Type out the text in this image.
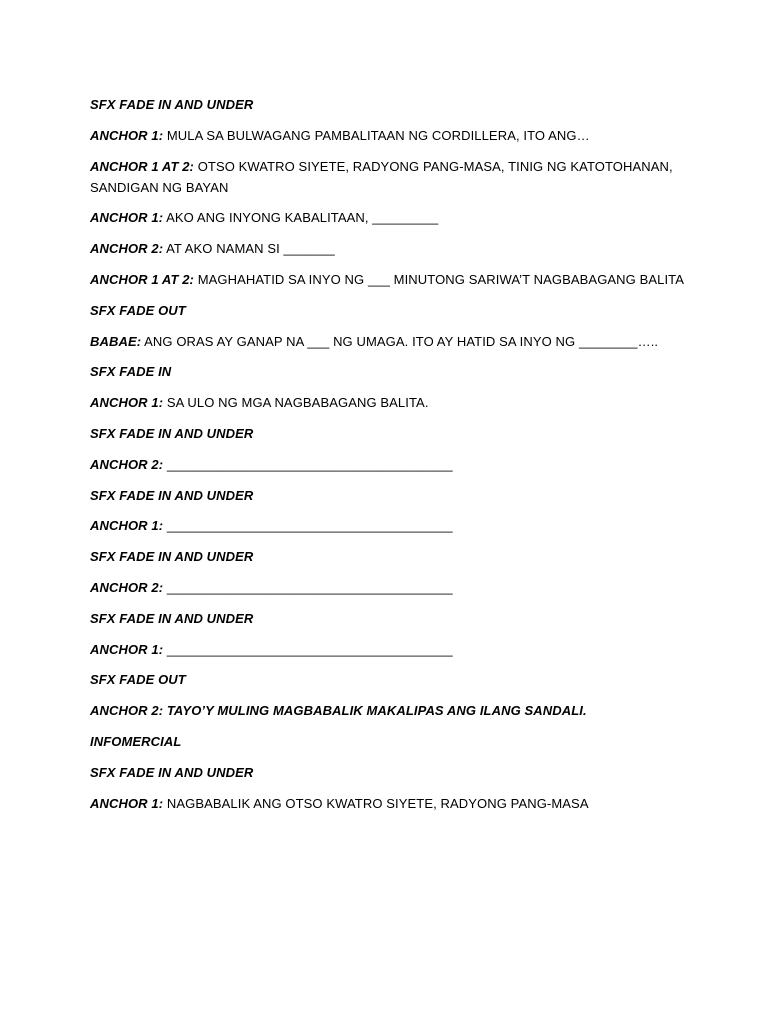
SFX FADE IN AND UNDER

ANCHOR 1: MULA SA BULWAGANG PAMBALITAAN NG CORDILLERA, ITO ANG…

ANCHOR 1 AT 2: OTSO KWATRO SIYETE, RADYONG PANG-MASA, TINIG NG KATOTOHANAN, SANDIGAN NG BAYAN

ANCHOR 1: AKO ANG INYONG KABALITAAN, _________

ANCHOR 2: AT AKO NAMAN SI _______

ANCHOR 1 AT 2: MAGHAHATID SA INYO NG ___ MINUTONG SARIWA’T NAGBABAGANG BALITA

SFX FADE OUT

BABAE: ANG ORAS AY GANAP NA ___ NG UMAGA. ITO AY HATID SA INYO NG ________…..

SFX FADE IN

ANCHOR 1: SA ULO NG MGA NAGBABAGANG BALITA.

SFX FADE IN AND UNDER

ANCHOR 2: _______________________________________

SFX FADE IN AND UNDER

ANCHOR 1: _______________________________________

SFX FADE IN AND UNDER

ANCHOR 2: _______________________________________

SFX FADE IN AND UNDER

ANCHOR 1: _______________________________________

SFX FADE OUT

ANCHOR 2: TAYO’Y MULING MAGBABALIK MAKALIPAS ANG ILANG SANDALI.

INFOMERCIAL

SFX FADE IN AND UNDER

ANCHOR 1: NAGBABALIK ANG OTSO KWATRO SIYETE, RADYONG PANG-MASA
